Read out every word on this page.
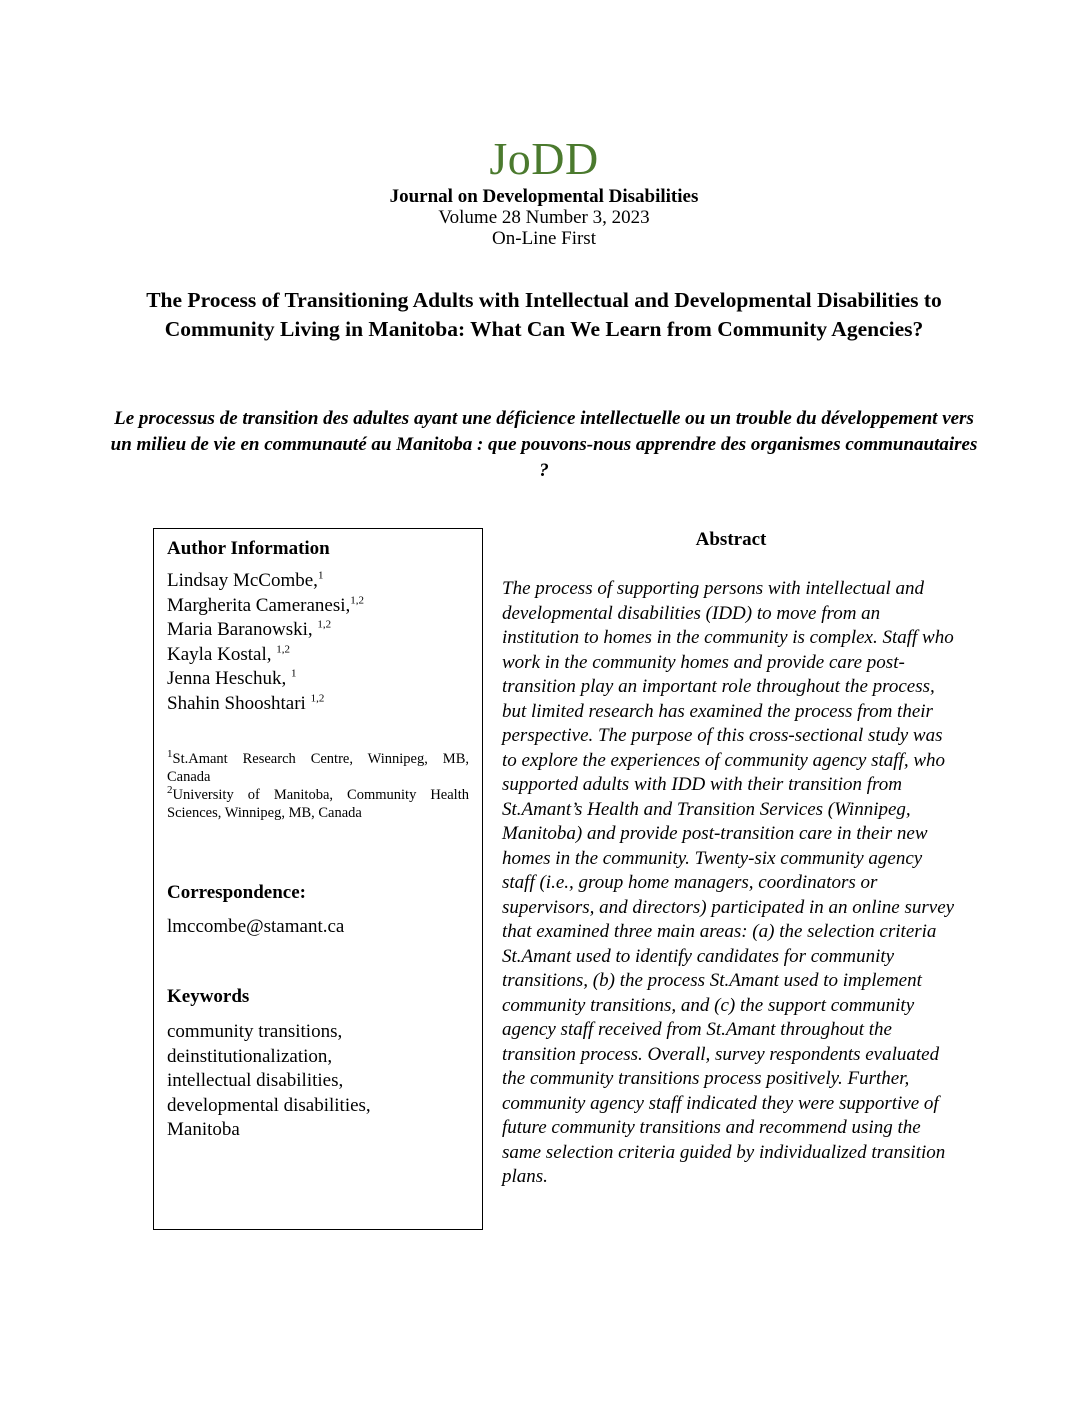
JoDD
Journal on Developmental Disabilities
Volume 28 Number 3, 2023
On-Line First
The Process of Transitioning Adults with Intellectual and Developmental Disabilities to Community Living in Manitoba: What Can We Learn from Community Agencies?
Le processus de transition des adultes ayant une déficience intellectuelle ou un trouble du développement vers un milieu de vie en communauté au Manitoba : que pouvons-nous apprendre des organismes communautaires ?
Author Information
Lindsay McCombe,$^1$
Margherita Cameranesi,$^{1,2}$
Maria Baranowski, $^{1,2}$
Kayla Kostal, $^{1,2}$
Jenna Heschuk, $^1$
Shahin Shooshtari $^{1,2}$
$^1$St.Amant Research Centre, Winnipeg, MB, Canada
$^2$University of Manitoba, Community Health Sciences, Winnipeg, MB, Canada
Correspondence:
lmccombe@stamant.ca
Keywords
community transitions,
deinstitutionalization,
intellectual disabilities,
developmental disabilities,
Manitoba
Abstract
The process of supporting persons with intellectual and developmental disabilities (IDD) to move from an institution to homes in the community is complex. Staff who work in the community homes and provide care post-transition play an important role throughout the process, but limited research has examined the process from their perspective. The purpose of this cross-sectional study was to explore the experiences of community agency staff, who supported adults with IDD with their transition from St.Amant’s Health and Transition Services (Winnipeg, Manitoba) and provide post-transition care in their new homes in the community. Twenty-six community agency staff (i.e., group home managers, coordinators or supervisors, and directors) participated in an online survey that examined three main areas: (a) the selection criteria St.Amant used to identify candidates for community transitions, (b) the process St.Amant used to implement community transitions, and (c) the support community agency staff received from St.Amant throughout the transition process. Overall, survey respondents evaluated the community transitions process positively. Further, community agency staff indicated they were supportive of future community transitions and recommend using the same selection criteria guided by individualized transition plans.
